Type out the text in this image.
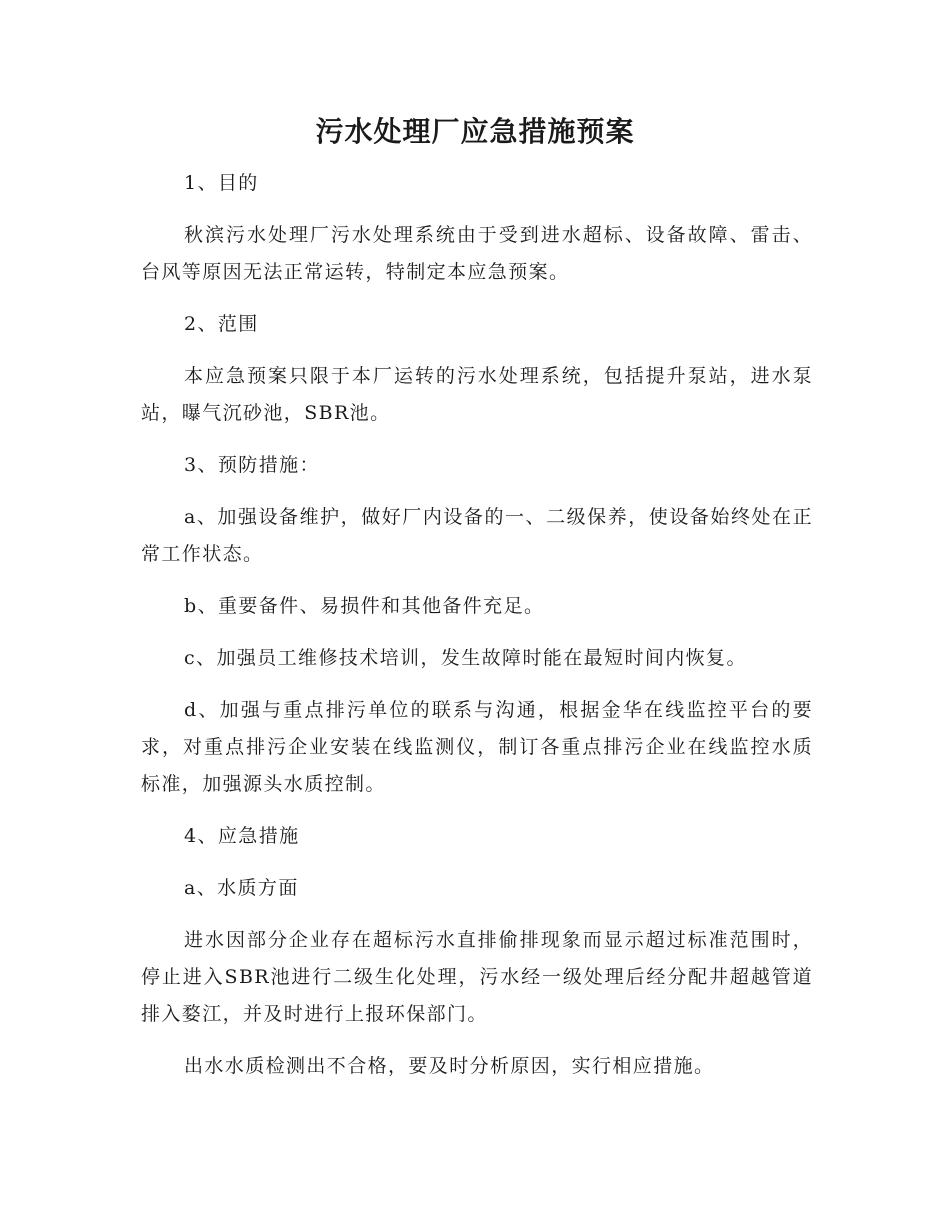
污水处理厂应急措施预案

1、目的

秋滨污水处理厂污水处理系统由于受到进水超标、设备故障、雷击、台风等原因无法正常运转，特制定本应急预案。

2、范围

本应急预案只限于本厂运转的污水处理系统，包括提升泵站，进水泵站，曝气沉砂池，SBR池。

3、预防措施：

a、加强设备维护，做好厂内设备的一、二级保养，使设备始终处在正常工作状态。

b、重要备件、易损件和其他备件充足。

c、加强员工维修技术培训，发生故障时能在最短时间内恢复。

d、加强与重点排污单位的联系与沟通，根据金华在线监控平台的要求，对重点排污企业安装在线监测仪，制订各重点排污企业在线监控水质标准，加强源头水质控制。

4、应急措施

a、水质方面

进水因部分企业存在超标污水直排偷排现象而显示超过标准范围时，停止进入SBR池进行二级生化处理，污水经一级处理后经分配井超越管道排入婺江，并及时进行上报环保部门。

出水水质检测出不合格，要及时分析原因，实行相应措施。
